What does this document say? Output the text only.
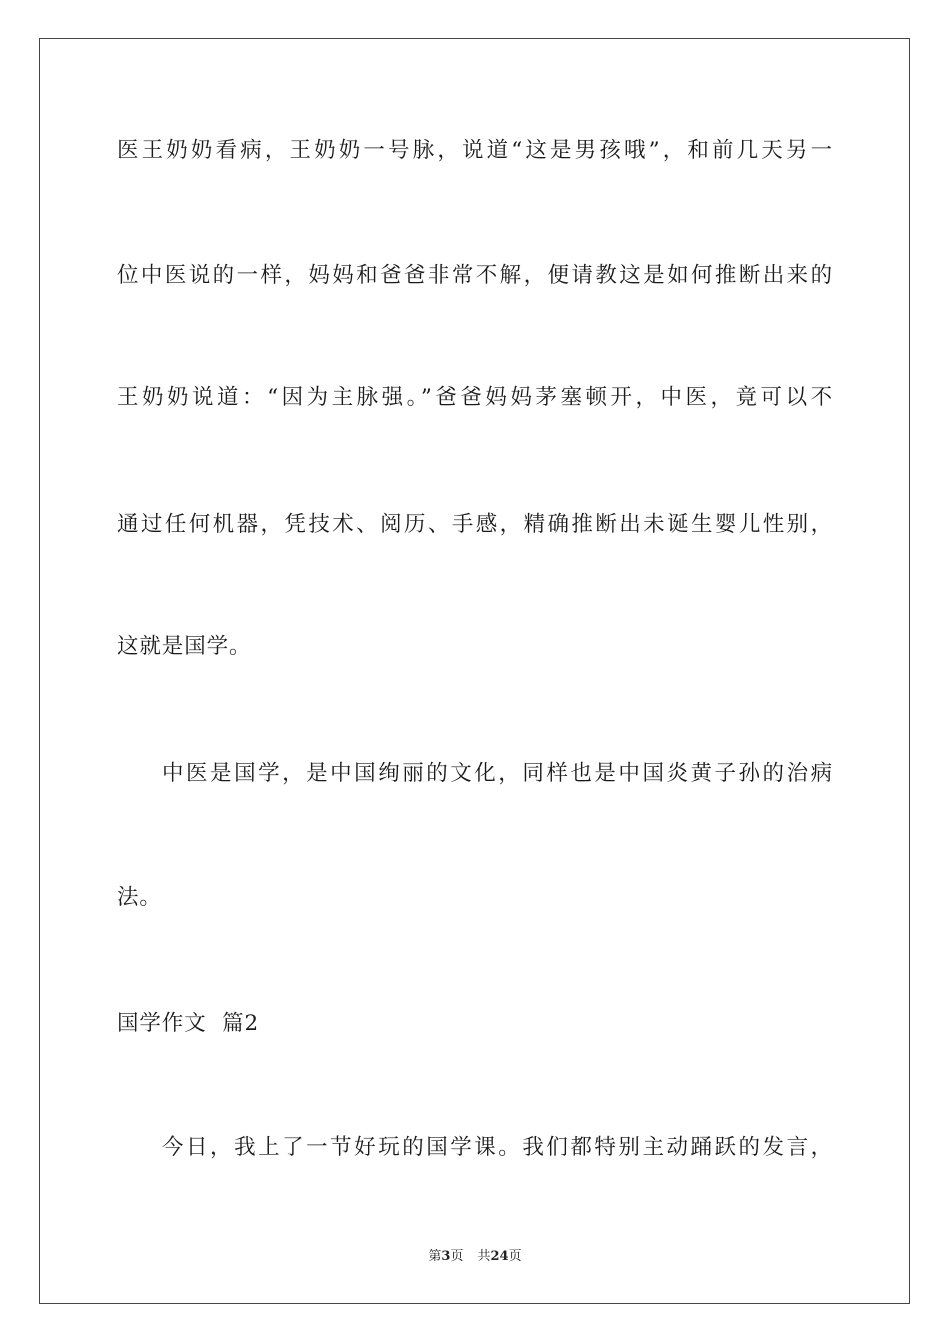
医王奶奶看病，王奶奶一号脉，说道“这是男孩哦”，和前几天另一
位中医说的一样，妈妈和爸爸非常不解，便请教这是如何推断出来的
王奶奶说道：“因为主脉强。”爸爸妈妈茅塞顿开，中医，竟可以不
通过任何机器，凭技术、阅历、手感，精确推断出未诞生婴儿性别，
这就是国学。
中医是国学，是中国绚丽的文化，同样也是中国炎黄子孙的治病
法。
国学作文  篇2
今日，我上了一节好玩的国学课。我们都特别主动踊跃的发言，
第3页 共24页
